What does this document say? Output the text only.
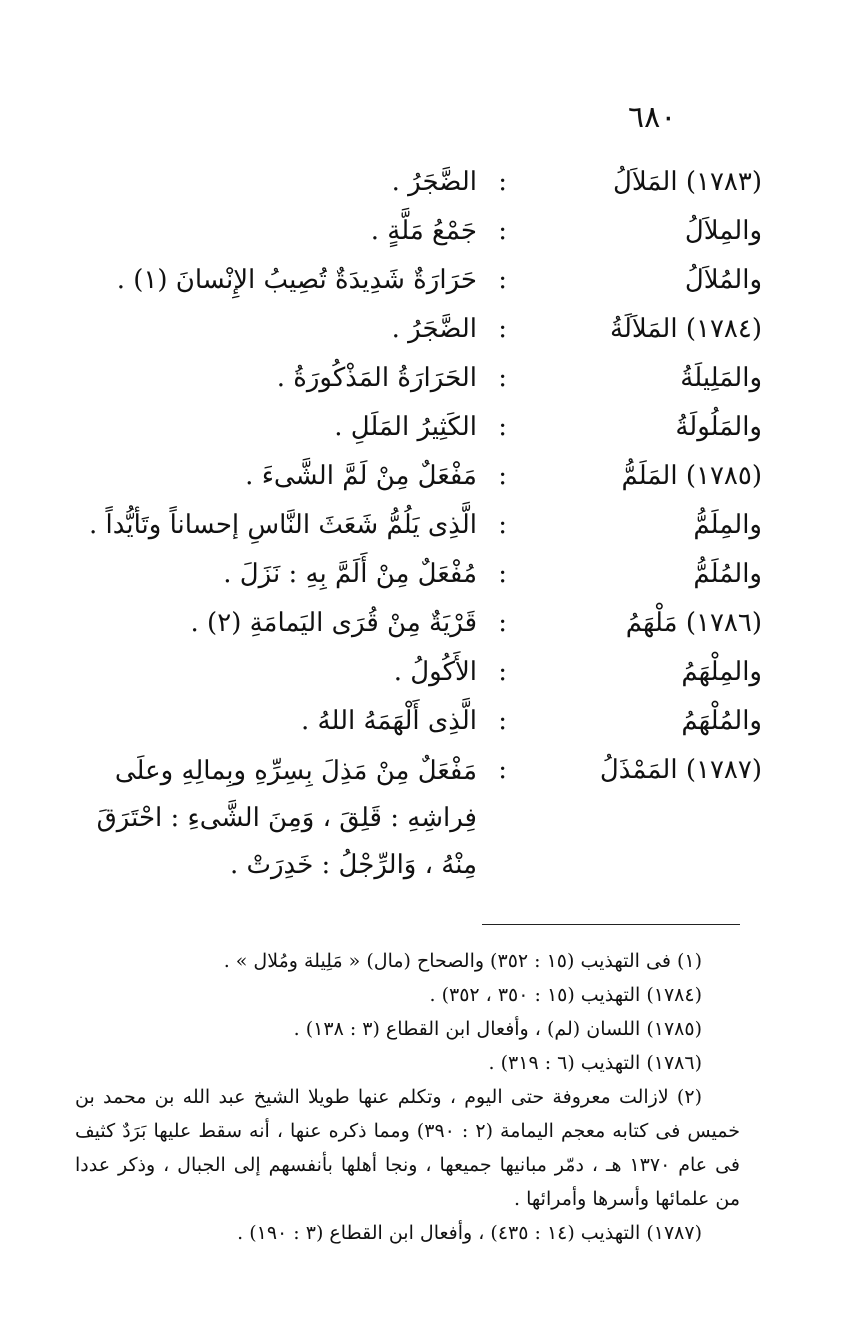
٦٨٠
(١٧٨٣) المَلاَلُ
:
الضَّجَرُ .
والمِلاَلُ
:
جَمْعُ مَلَّةٍ .
والمُلاَلُ
:
حَرَارَةٌ شَدِيدَةٌ تُصِيبُ الإِنْسانَ (١) .
(١٧٨٤) المَلاَلَةُ
:
الضَّجَرُ .
والمَلِيلَةُ
:
الحَرَارَةُ المَذْكُورَةُ .
والمَلُولَةُ
:
الكَثِيرُ المَلَلِ .
(١٧٨٥) المَلَمُّ
:
مَفْعَلٌ مِنْ لَمَّ الشَّىءَ .
والمِلَمُّ
:
الَّذِى يَلُمُّ شَعَثَ النَّاسِ إحساناً وتَأيُّداً .
والمُلَمُّ
:
مُفْعَلٌ مِنْ أَلَمَّ بِهِ : نَزَلَ .
(١٧٨٦) مَلْهَمُ
:
قَرْيَةٌ مِنْ قُرَى اليَمامَةِ (٢) .
والمِلْهَمُ
:
الأَكُولُ .
والمُلْهَمُ
:
الَّذِى أَلْهَمَهُ اللهُ .
(١٧٨٧) المَمْذَلُ
:
مَفْعَلٌ مِنْ مَذِلَ بِسِرِّهِ وبِمالِهِ وعلَى فِراشِهِ : قَلِقَ ، وَمِنَ الشَّىءِ : احْتَرَقَ مِنْهُ ، وَالرِّجْلُ : خَدِرَتْ .

(١) فى التهذيب (١٥ : ٣٥٢) والصحاح (مال) « مَلِيلة ومُلال » .

(١٧٨٤) التهذيب (١٥ : ٣٥٠ ، ٣٥٢) .

(١٧٨٥) اللسان (لم) ، وأفعال ابن القطاع (٣ : ١٣٨) .

(١٧٨٦) التهذيب (٦ : ٣١٩) .

(٢) لازالت معروفة حتى اليوم ، وتكلم عنها طويلا الشيخ عبد الله بن محمد بن خميس فى كتابه معجم اليمامة (٢ : ٣٩٠) ومما ذكره عنها ، أنه سقط عليها بَرَدٌ كثيف فى عام ١٣٧٠ هـ ، دمّر مبانيها جميعها ، ونجا أهلها بأنفسهم إلى الجبال ، وذكر عددا من علمائها وأسرها وأمرائها .

(١٧٨٧) التهذيب (١٤ : ٤٣٥) ، وأفعال ابن القطاع (٣ : ١٩٠) .
